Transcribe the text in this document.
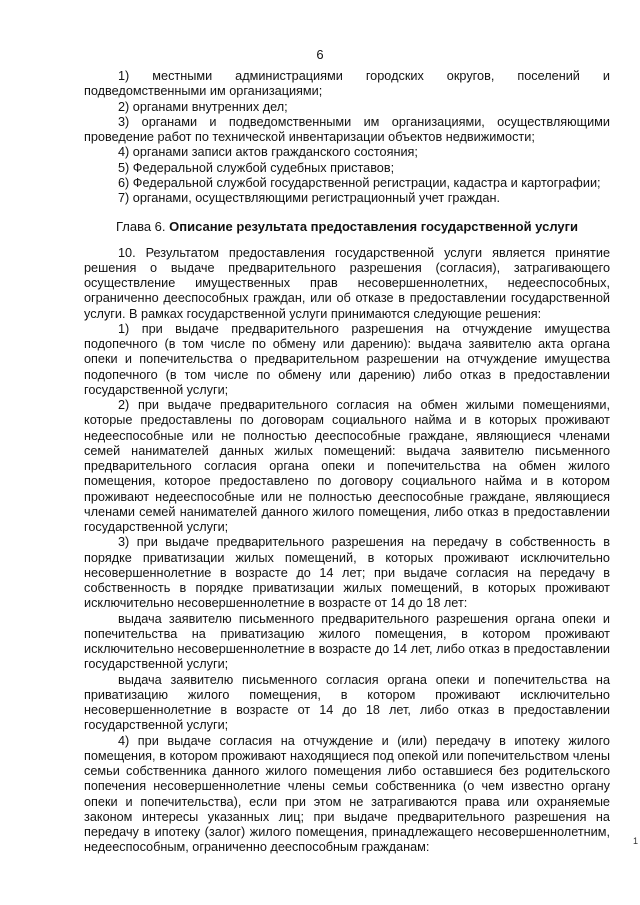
6

1) местными администрациями городских округов, поселений и подведомственными им организациями;

2) органами внутренних дел;

3) органами и подведомственными им организациями, осуществляющими проведение работ по технической инвентаризации объектов недвижимости;

4) органами записи актов гражданского состояния;

5) Федеральной службой судебных приставов;

6) Федеральной службой государственной регистрации, кадастра и картографии;

7) органами, осуществляющими регистрационный учет граждан.

Глава 6. Описание результата предоставления государственной услуги

10. Результатом предоставления государственной услуги является принятие решения о выдаче предварительного разрешения (согласия), затрагивающего осуществление имущественных прав несовершеннолетних, недееспособных, ограниченно дееспособных граждан, или об отказе в предоставлении государственной услуги. В рамках государственной услуги принимаются следующие решения:

1) при выдаче предварительного разрешения на отчуждение имущества подопечного (в том числе по обмену или дарению): выдача заявителю акта органа опеки и попечительства о предварительном разрешении на отчуждение имущества подопечного (в том числе по обмену или дарению) либо отказ в предоставлении государственной услуги;

2) при выдаче предварительного согласия на обмен жилыми помещениями, которые предоставлены по договорам социального найма и в которых проживают недееспособные или не полностью дееспособные граждане, являющиеся членами семей нанимателей данных жилых помещений: выдача заявителю письменного предварительного согласия органа опеки и попечительства на обмен жилого помещения, которое предоставлено по договору социального найма и в котором проживают недееспособные или не полностью дееспособные граждане, являющиеся членами семей нанимателей данного жилого помещения, либо отказ в предоставлении государственной услуги;

3) при выдаче предварительного разрешения на передачу в собственность в порядке приватизации жилых помещений, в которых проживают исключительно несовершеннолетние в возрасте до 14 лет; при выдаче согласия на передачу в собственность в порядке приватизации жилых помещений, в которых проживают исключительно несовершеннолетние в возрасте от 14 до 18 лет:

выдача заявителю письменного предварительного разрешения органа опеки и попечительства на приватизацию жилого помещения, в котором проживают исключительно несовершеннолетние в возрасте до 14 лет, либо отказ в предоставлении государственной услуги;

выдача заявителю письменного согласия органа опеки и попечительства на приватизацию жилого помещения, в котором проживают исключительно несовершеннолетние в возрасте от 14 до 18 лет, либо отказ в предоставлении государственной услуги;

4) при выдаче согласия на отчуждение и (или) передачу в ипотеку жилого помещения, в котором проживают находящиеся под опекой или попечительством члены семьи собственника данного жилого помещения либо оставшиеся без родительского попечения несовершеннолетние члены семьи собственника (о чем известно органу опеки и попечительства), если при этом не затрагиваются права или охраняемые законом интересы указанных лиц; при выдаче предварительного разрешения на передачу в ипотеку (залог) жилого помещения, принадлежащего несовершеннолетним, недееспособным, ограниченно дееспособным гражданам:	1
